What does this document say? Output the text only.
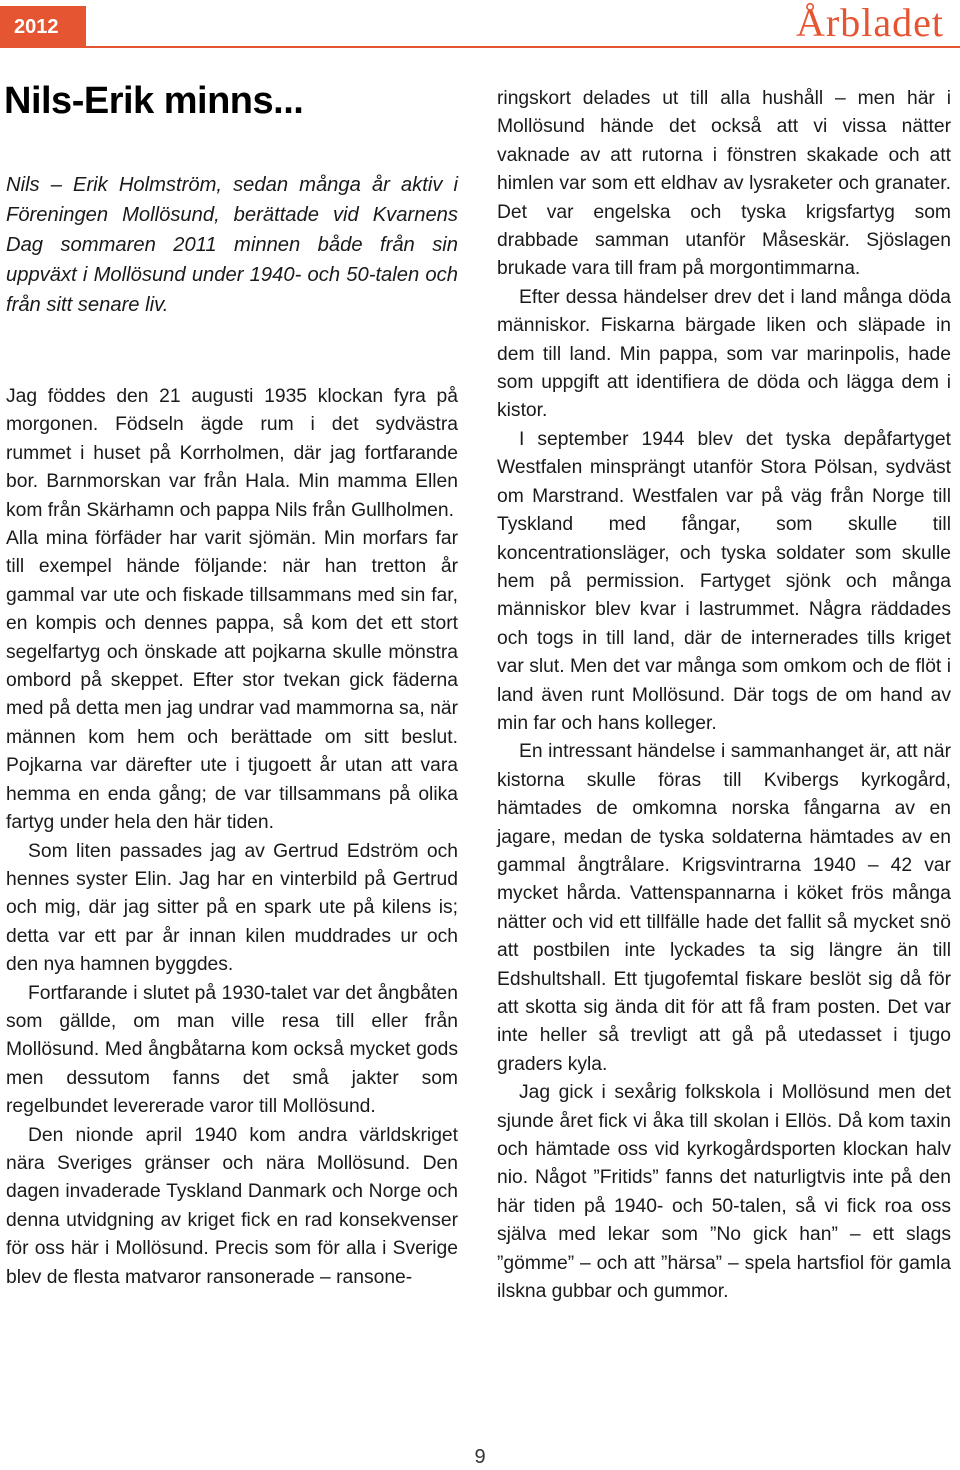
2012	Årbladet
Nils-Erik minns...

Nils – Erik Holmström, sedan många år aktiv i Föreningen Mollösund, berättade vid Kvarnens Dag sommaren 2011 minnen både från sin uppväxt i Mollösund under 1940- och 50-talen och från sitt senare liv.

Jag föddes den 21 augusti 1935 klockan fyra på morgonen. Födseln ägde rum i det sydvästra rummet i huset på Korrholmen, där jag fortfarande bor. Barnmorskan var från Hala. Min mamma Ellen kom från Skärhamn och pappa Nils från Gullholmen.

Alla mina förfäder har varit sjömän. Min morfars far till exempel hände följande: när han tretton år gammal var ute och fiskade tillsammans med sin far, en kompis och dennes pappa, så kom det ett stort segelfartyg och önskade att pojkarna skulle mönstra ombord på skeppet. Efter stor tvekan gick fäderna med på detta men jag undrar vad mammorna sa, när männen kom hem och berättade om sitt beslut. Pojkarna var därefter ute i tjugoett år utan att vara hemma en enda gång; de var tillsammans på olika fartyg under hela den här tiden.

Som liten passades jag av Gertrud Edström och hennes syster Elin. Jag har en vinterbild på Gertrud och mig, där jag sitter på en spark ute på kilens is; detta var ett par år innan kilen muddrades ur och den nya hamnen byggdes.

Fortfarande i slutet på 1930-talet var det ångbåten som gällde, om man ville resa till eller från Mollösund. Med ångbåtarna kom också mycket gods men dessutom fanns det små jakter som regelbundet levererade varor till Mollösund.

Den nionde april 1940 kom andra världskriget nära Sveriges gränser och nära Mollösund. Den dagen invaderade Tyskland Danmark och Norge och denna utvidgning av kriget fick en rad konsekvenser för oss här i Mollösund. Precis som för alla i Sverige blev de flesta matvaror ransonerade – ransone-

ringskort delades ut till alla hushåll – men här i Mollösund hände det också att vi vissa nätter vaknade av att rutorna i fönstren skakade och att himlen var som ett eldhav av lysraketer och granater. Det var engelska och tyska krigsfartyg som drabbade samman utanför Måseskär. Sjöslagen brukade vara till fram på morgontimmarna.

Efter dessa händelser drev det i land många döda människor. Fiskarna bärgade liken och släpade in dem till land. Min pappa, som var marinpolis, hade som uppgift att identifiera de döda och lägga dem i kistor.

I september 1944 blev det tyska depåfartyget Westfalen minsprängt utanför Stora Pölsan, sydväst om Marstrand. Westfalen var på väg från Norge till Tyskland med fångar, som skulle till koncentrationsläger, och tyska soldater som skulle hem på permission. Fartyget sjönk och många människor blev kvar i lastrummet. Några räddades och togs in till land, där de internerades tills kriget var slut. Men det var många som omkom och de flöt i land även runt Mollösund. Där togs de om hand av min far och hans kolleger.

En intressant händelse i sammanhanget är, att när kistorna skulle föras till Kvibergs kyrkogård, hämtades de omkomna norska fångarna av en jagare, medan de tyska soldaterna hämtades av en gammal ångtrålare. Krigsvintrarna 1940 – 42 var mycket hårda. Vattenspannarna i köket frös många nätter och vid ett tillfälle hade det fallit så mycket snö att postbilen inte lyckades ta sig längre än till Edshultshall. Ett tjugofemtal fiskare beslöt sig då för att skotta sig ända dit för att få fram posten. Det var inte heller så trevligt att gå på utedasset i tjugo graders kyla.

Jag gick i sexårig folkskola i Mollösund men det sjunde året fick vi åka till skolan i Ellös. Då kom taxin och hämtade oss vid kyrkogårdsporten klockan halv nio. Något ”Fritids” fanns det naturligtvis inte på den här tiden på 1940- och 50-talen, så vi fick roa oss själva med lekar som ”No gick han” – ett slags ”gömme” – och att ”härsa” – spela hartsfiol för gamla ilskna gubbar och gummor.

9
